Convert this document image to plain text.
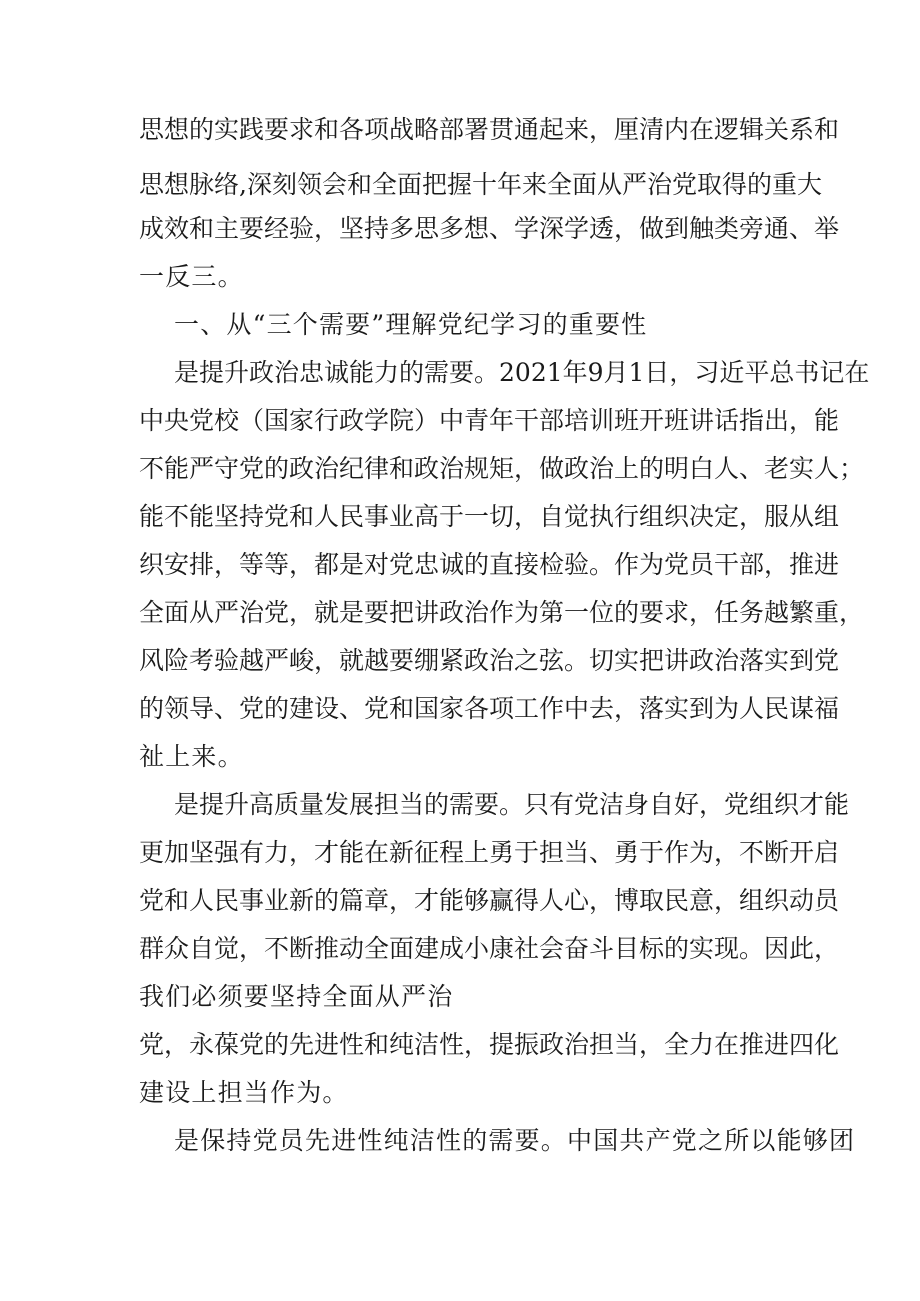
思想的实践要求和各项战略部署贯通起来，厘清内在逻辑关系和
思想脉络,深刻领会和全面把握十年来全面从严治党取得的重大
成效和主要经验，坚持多思多想、学深学透，做到触类旁通、举
一反三。
一、从“三个需要”理解党纪学习的重要性
是提升政治忠诚能力的需要。2021年9月1日，习近平总书记在
中央党校（国家行政学院）中青年干部培训班开班讲话指出，能
不能严守党的政治纪律和政治规矩，做政治上的明白人、老实人；
能不能坚持党和人民事业高于一切，自觉执行组织决定，服从组
织安排，等等，都是对党忠诚的直接检验。作为党员干部，推进
全面从严治党，就是要把讲政治作为第一位的要求，任务越繁重，
风险考验越严峻，就越要绷紧政治之弦。切实把讲政治落实到党
的领导、党的建设、党和国家各项工作中去，落实到为人民谋福
祉上来。
是提升高质量发展担当的需要。只有党洁身自好，党组织才能
更加坚强有力，才能在新征程上勇于担当、勇于作为，不断开启
党和人民事业新的篇章，才能够赢得人心，博取民意，组织动员
群众自觉，不断推动全面建成小康社会奋斗目标的实现。因此，
我们必须要坚持全面从严治
党，永葆党的先进性和纯洁性，提振政治担当，全力在推进四化
建设上担当作为。
是保持党员先进性纯洁性的需要。中国共产党之所以能够团
